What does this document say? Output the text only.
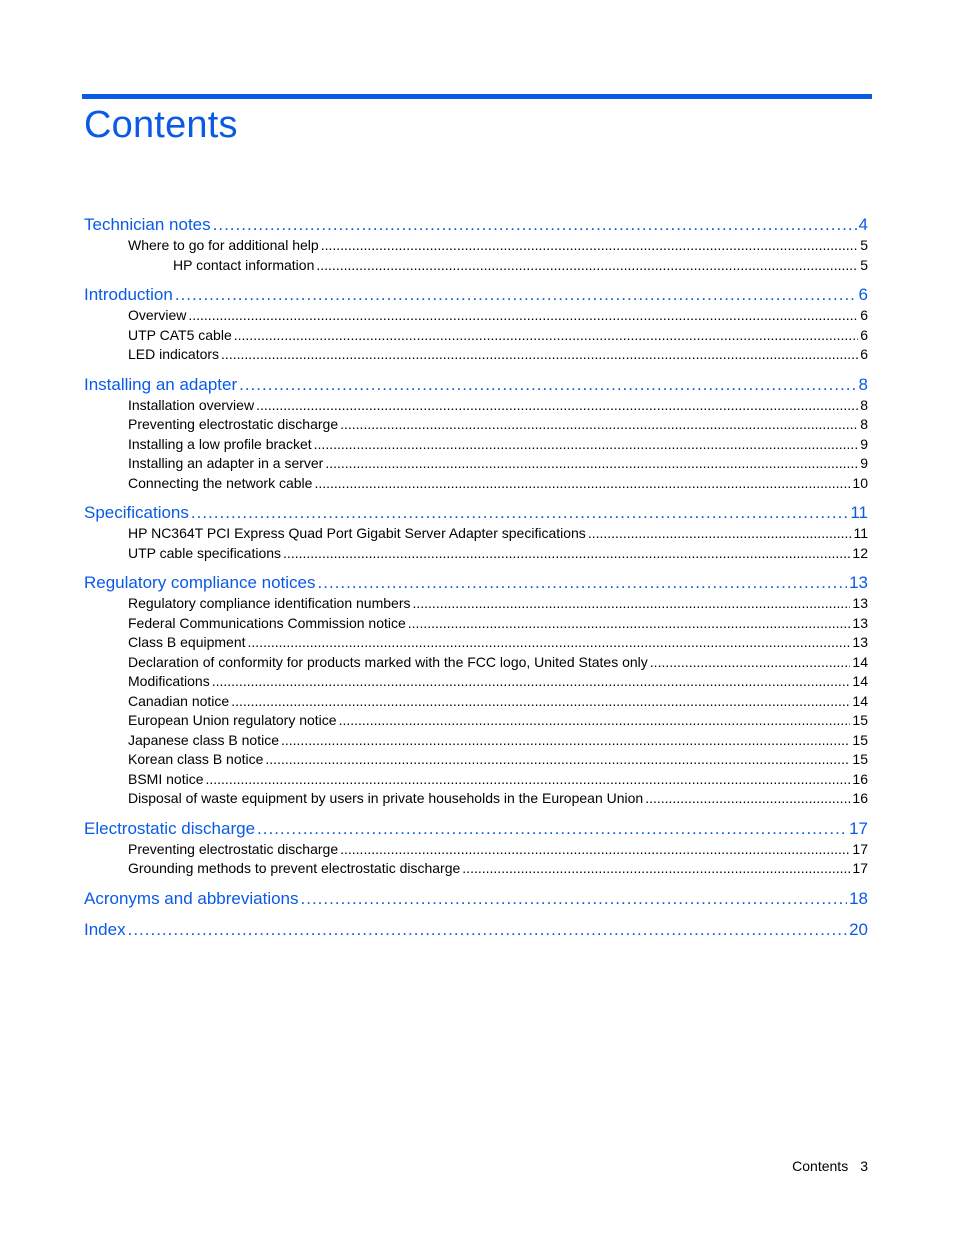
Contents
Technician notes .....	4
Where to go for additional help .....	5
HP contact information .....	5
Introduction .....	6
Overview .....	6
UTP CAT5 cable .....	6
LED indicators .....	6
Installing an adapter .....	8
Installation overview .....	8
Preventing electrostatic discharge .....	8
Installing a low profile bracket .....	9
Installing an adapter in a server .....	9
Connecting the network cable .....	10
Specifications .....	11
HP NC364T PCI Express Quad Port Gigabit Server Adapter specifications .....	11
UTP cable specifications .....	12
Regulatory compliance notices .....	13
Regulatory compliance identification numbers .....	13
Federal Communications Commission notice .....	13
Class B equipment .....	13
Declaration of conformity for products marked with the FCC logo, United States only .....	14
Modifications .....	14
Canadian notice .....	14
European Union regulatory notice .....	15
Japanese class B notice .....	15
Korean class B notice .....	15
BSMI notice .....	16
Disposal of waste equipment by users in private households in the European Union .....	16
Electrostatic discharge .....	17
Preventing electrostatic discharge .....	17
Grounding methods to prevent electrostatic discharge .....	17
Acronyms and abbreviations .....	18
Index .....	20
Contents 3
